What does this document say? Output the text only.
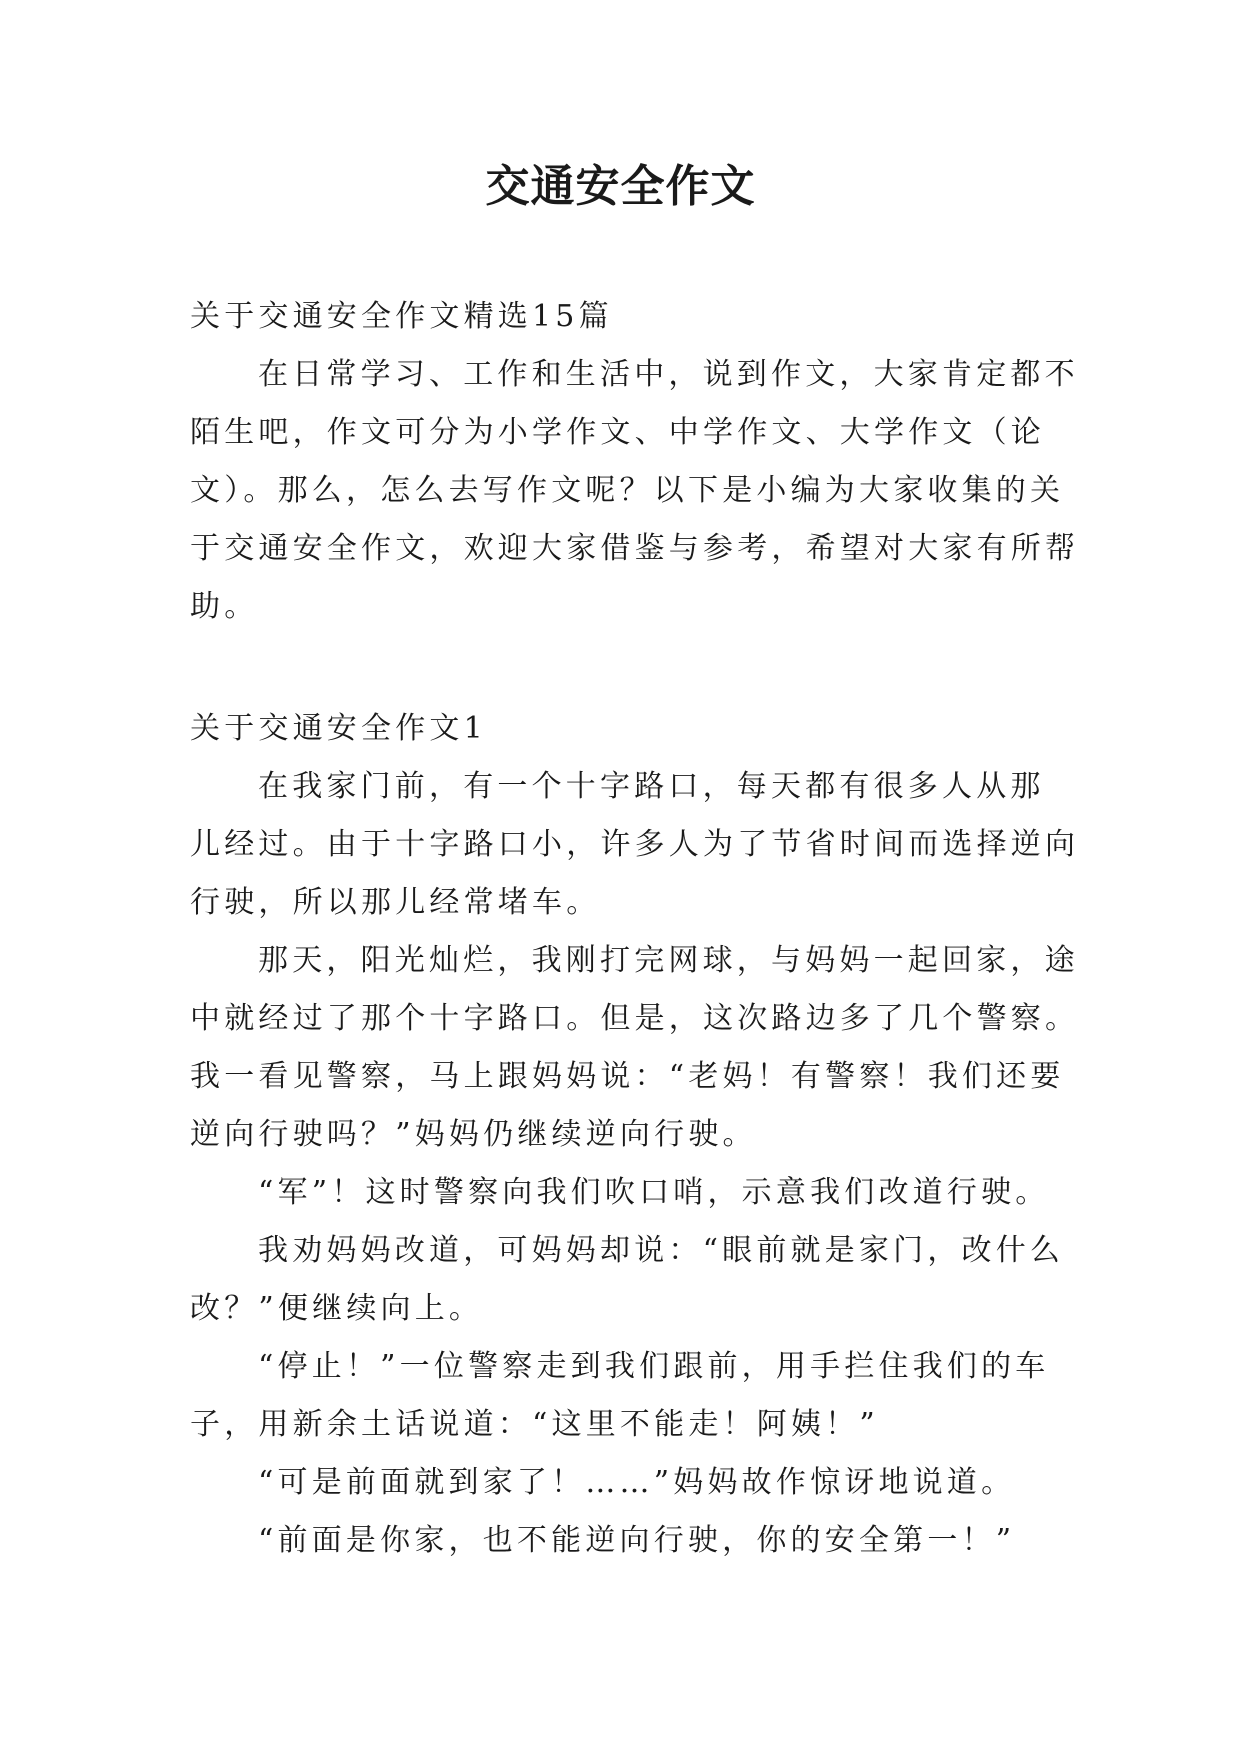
交通安全作文
关于交通安全作文精选15篇
在日常学习、工作和生活中，说到作文，大家肯定都不
陌生吧，作文可分为小学作文、中学作文、大学作文（论
文）。那么，怎么去写作文呢？以下是小编为大家收集的关
于交通安全作文，欢迎大家借鉴与参考，希望对大家有所帮
助。
关于交通安全作文1
在我家门前，有一个十字路口，每天都有很多人从那
儿经过。由于十字路口小，许多人为了节省时间而选择逆向
行驶，所以那儿经常堵车。
那天，阳光灿烂，我刚打完网球，与妈妈一起回家，途
中就经过了那个十字路口。但是，这次路边多了几个警察。
我一看见警察，马上跟妈妈说：“老妈！有警察！我们还要
逆向行驶吗？”妈妈仍继续逆向行驶。
“军”！这时警察向我们吹口哨，示意我们改道行驶。
我劝妈妈改道，可妈妈却说：“眼前就是家门，改什么
改？”便继续向上。
“停止！”一位警察走到我们跟前，用手拦住我们的车
子，用新余土话说道：“这里不能走！阿姨！”
“可是前面就到家了！……”妈妈故作惊讶地说道。
“前面是你家，也不能逆向行驶，你的安全第一！”
